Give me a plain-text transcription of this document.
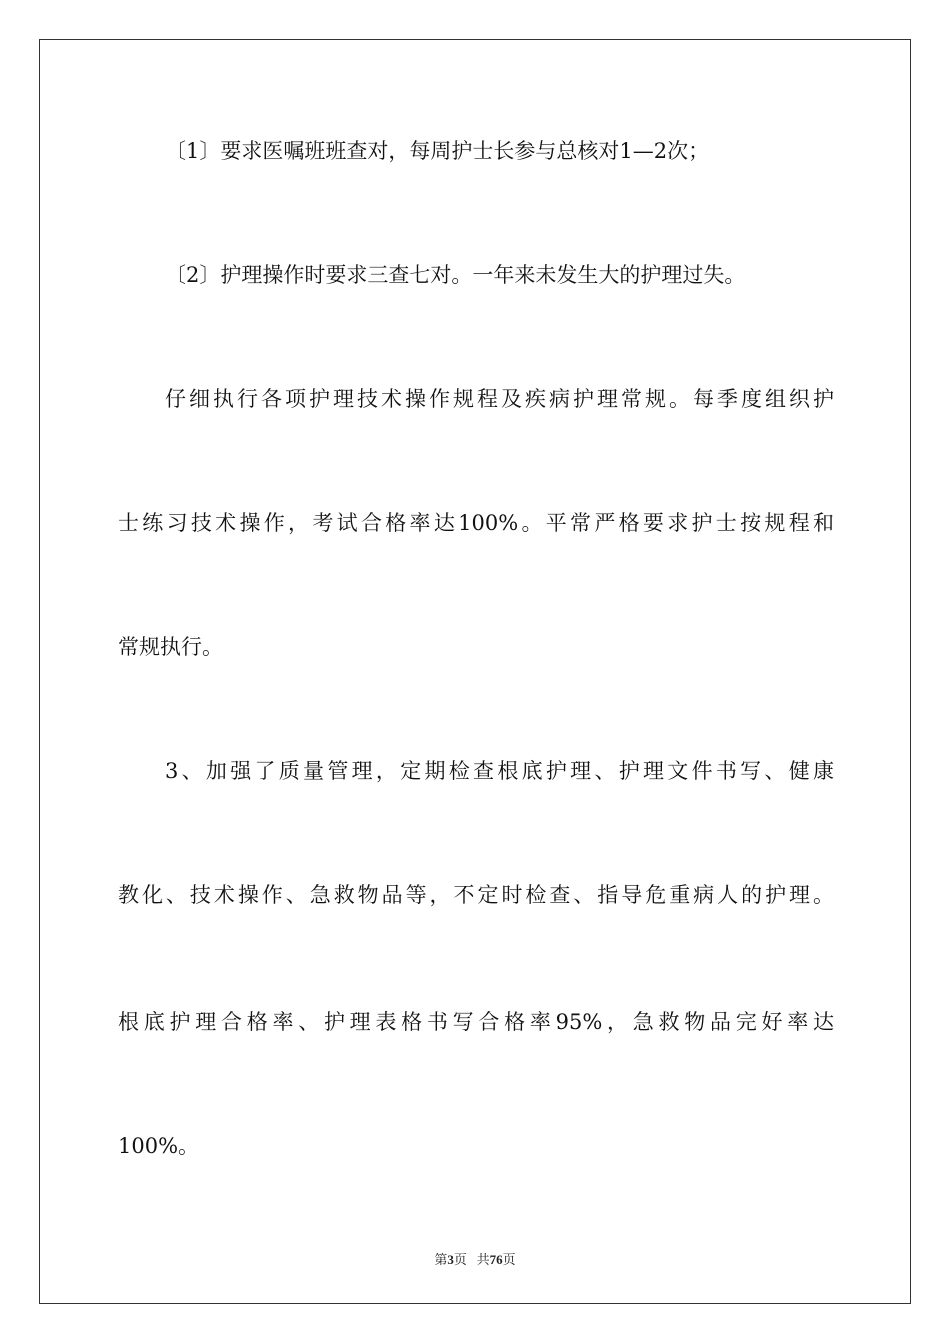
〔1〕要求医嘱班班查对，每周护士长参与总核对1—2次；
〔2〕护理操作时要求三查七对。一年来未发生大的护理过失。
仔细执行各项护理技术操作规程及疾病护理常规。每季度组织护
士练习技术操作，考试合格率达100%。平常严格要求护士按规程和
常规执行。
3、加强了质量管理，定期检查根底护理、护理文件书写、健康
教化、技术操作、急救物品等，不定时检查、指导危重病人的护理。
根底护理合格率、护理表格书写合格率95%，急救物品完好率达
100%。
第3页 共76页
